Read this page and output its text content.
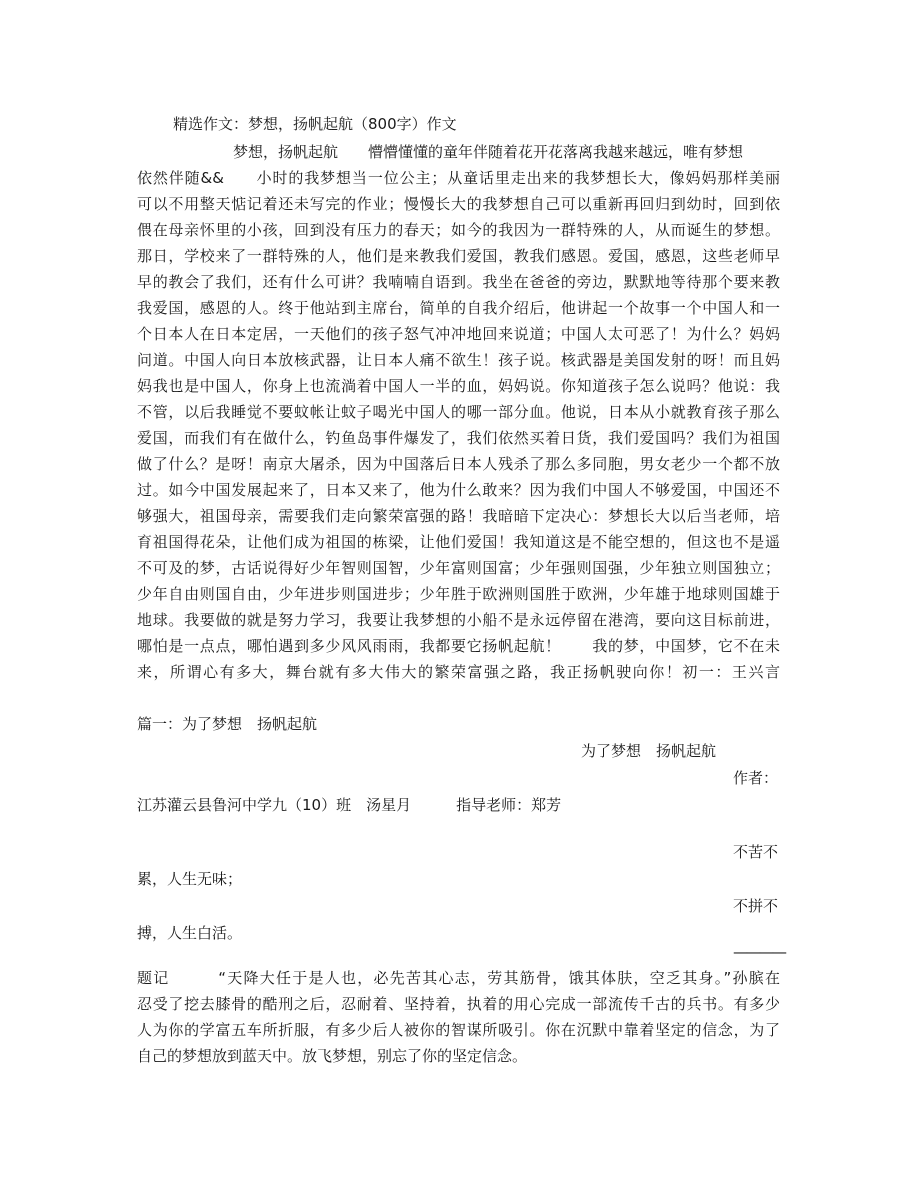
精选作文：梦想，扬帆起航（800字）作文
梦想，扬帆起航　　懵懵懂懂的童年伴随着花开花落离我越来越远，唯有梦想
依然伴随&&　　小时的我梦想当一位公主；从童话里走出来的我梦想长大，像妈妈那样美丽
可以不用整天惦记着还未写完的作业；慢慢长大的我梦想自己可以重新再回归到幼时，回到依
偎在母亲怀里的小孩，回到没有压力的春天；如今的我因为一群特殊的人，从而诞生的梦想。
那日，学校来了一群特殊的人，他们是来教我们爱国，教我们感恩。爱国，感恩，这些老师早
早的教会了我们，还有什么可讲？我喃喃自语到。我坐在爸爸的旁边，默默地等待那个要来教
我爱国，感恩的人。终于他站到主席台，简单的自我介绍后，他讲起一个故事一个中国人和一
个日本人在日本定居，一天他们的孩子怒气冲冲地回来说道；中国人太可恶了！为什么？妈妈
问道。中国人向日本放核武器，让日本人痛不欲生！孩子说。核武器是美国发射的呀！而且妈
妈我也是中国人，你身上也流淌着中国人一半的血，妈妈说。你知道孩子怎么说吗？他说：我
不管，以后我睡觉不要蚊帐让蚊子喝光中国人的哪一部分血。他说，日本从小就教育孩子那么
爱国，而我们有在做什么，钓鱼岛事件爆发了，我们依然买着日货，我们爱国吗？我们为祖国
做了什么？是呀！南京大屠杀，因为中国落后日本人残杀了那么多同胞，男女老少一个都不放
过。如今中国发展起来了，日本又来了，他为什么敢来？因为我们中国人不够爱国，中国还不
够强大，祖国母亲，需要我们走向繁荣富强的路！我暗暗下定决心：梦想长大以后当老师，培
育祖国得花朵，让他们成为祖国的栋梁，让他们爱国！我知道这是不能空想的，但这也不是遥
不可及的梦，古话说得好少年智则国智，少年富则国富；少年强则国强，少年独立则国独立；
少年自由则国自由，少年进步则国进步；少年胜于欧洲则国胜于欧洲，少年雄于地球则国雄于
地球。我要做的就是努力学习，我要让我梦想的小船不是永远停留在港湾，要向这目标前进，
哪怕是一点点，哪怕遇到多少风风雨雨，我都要它扬帆起航！　　我的梦，中国梦，它不在未
来，所谓心有多大，舞台就有多大伟大的繁荣富强之路，我正扬帆驶向你！初一：王兴言
篇一：为了梦想　扬帆起航
为了梦想　扬帆起航
作者：
江苏灌云县鲁河中学九（10）班　汤星月　　　指导老师：郑芳
不苦不
累，人生无味；
不拼不
搏，人生白活。
————
题记　　　“天降大任于是人也，必先苦其心志，劳其筋骨，饿其体肤，空乏其身。”孙膑在
忍受了挖去膝骨的酷刑之后，忍耐着、坚持着，执着的用心完成一部流传千古的兵书。有多少
人为你的学富五车所折服，有多少后人被你的智谋所吸引。你在沉默中靠着坚定的信念，为了
自己的梦想放到蓝天中。放飞梦想，别忘了你的坚定信念。
